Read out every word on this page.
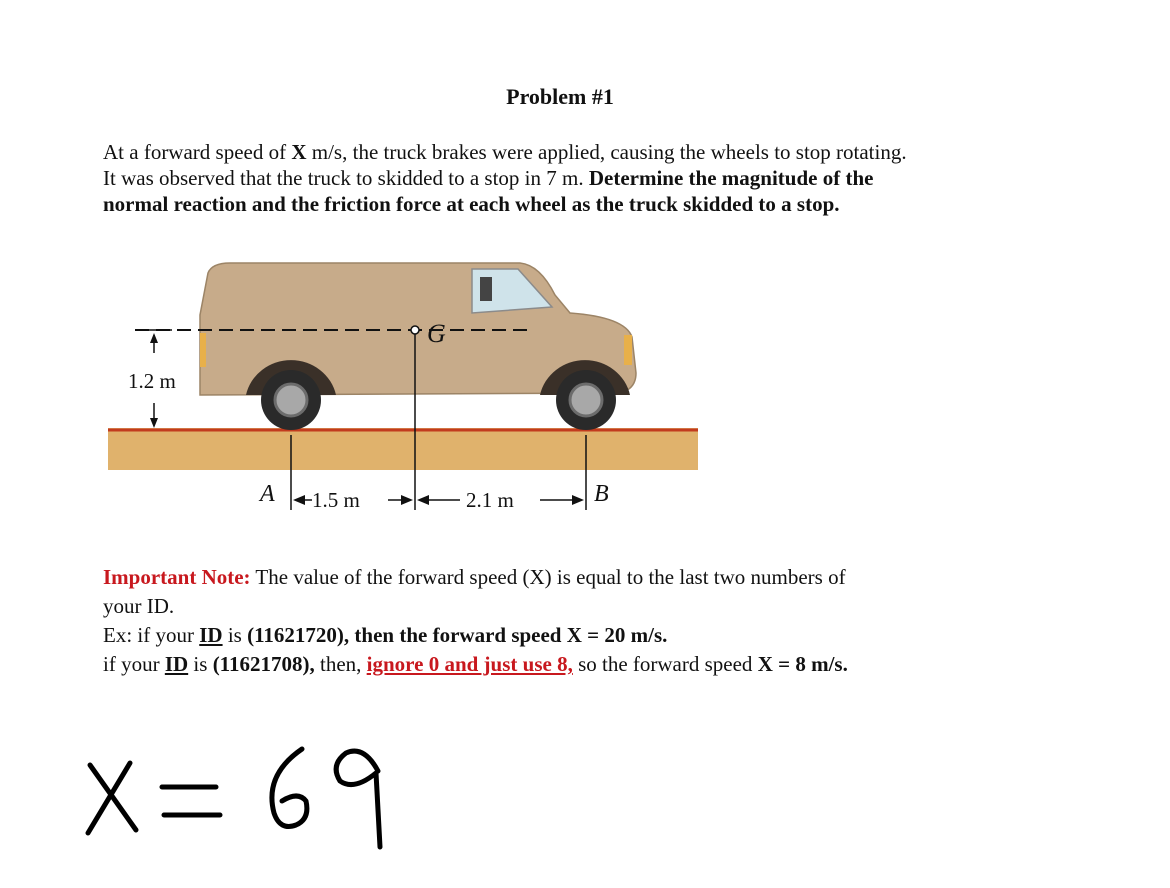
Problem #1
At a forward speed of X m/s, the truck brakes were applied, causing the wheels to stop rotating.
It was observed that the truck to skidded to a stop in 7 m. Determine the magnitude of the
normal reaction and the friction force at each wheel as the truck skidded to a stop.
G
1.2 m
A 1.5 m	2.1 m	B
Important Note: The value of the forward speed (X) is equal to the last two numbers of
your ID.
Ex: if your ID is (11621720), then the forward speed X = 20 m/s.
if your ID is (11621708), then, ignore 0 and just use 8, so the forward speed X = 8 m/s.
